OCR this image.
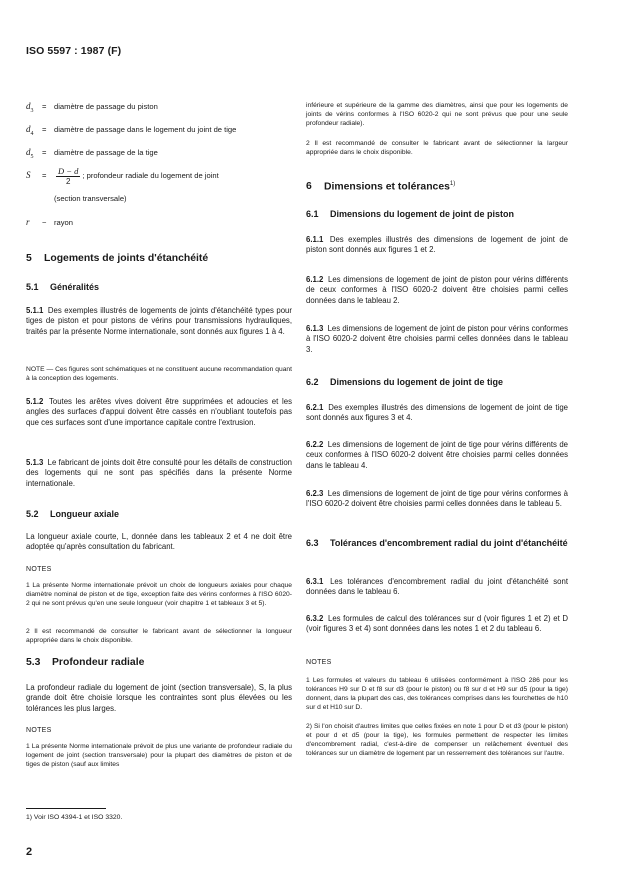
ISO 5597 : 1987 (F)
$d_3$ = diamètre de passage du piston
$d_4$ = diamètre de passage dans le logement du joint de tige
$d_5$ = diamètre de passage de la tige
$S = \frac{D - d}{2}$ ; profondeur radiale du logement de joint
(section transversale)
r − rayon
5 Logements de joints d'étanchéité
5.1 Généralités
5.1.1 Des exemples illustrés de logements de joints d'étanchéité types pour tiges de piston et pour pistons de vérins pour transmissions hydrauliques, traités par la présente Norme internationale, sont donnés aux figures 1 à 4.
NOTE — Ces figures sont schématiques et ne constituent aucune recommandation quant à la conception des logements.
5.1.2 Toutes les arêtes vives doivent être supprimées et adoucies et les angles des surfaces d'appui doivent être cassés en n'oubliant toutefois pas que ces surfaces sont d'une importance capitale contre l'extrusion.
5.1.3 Le fabricant de joints doit être consulté pour les détails de construction des logements qui ne sont pas spécifiés dans la présente Norme internationale.
5.2 Longueur axiale
La longueur axiale courte, L, donnée dans les tableaux 2 et 4 ne doit être adoptée qu'après consultation du fabricant.
NOTES
1 La présente Norme internationale prévoit un choix de longueurs axiales pour chaque diamètre nominal de piston et de tige, exception faite des vérins conformes à l'ISO 6020-2 qui ne sont prévus qu'en une seule longueur (voir chapitre 1 et tableaux 3 et 5).
2 Il est recommandé de consulter le fabricant avant de sélectionner la longueur appropriée dans le choix disponible.
5.3 Profondeur radiale
La profondeur radiale du logement de joint (section transversale), S, la plus grande doit être choisie lorsque les contraintes sont plus élevées ou les tolérances les plus larges.
NOTES
1 La présente Norme internationale prévoit de plus une variante de profondeur radiale du logement de joint (section transversale) pour la plupart des diamètres de piston et de tiges de piston (sauf aux limites
inférieure et supérieure de la gamme des diamètres, ainsi que pour les logements de joints de vérins conformes à l'ISO 6020-2 qui ne sont prévus que pour une seule profondeur radiale).
2 Il est recommandé de consulter le fabricant avant de sélectionner la largeur appropriée dans le choix disponible.
6 Dimensions et tolérances$^{1)}$
6.1 Dimensions du logement de joint de piston
6.1.1 Des exemples illustrés des dimensions de logement de joint de piston sont donnés aux figures 1 et 2.
6.1.2 Les dimensions de logement de joint de piston pour vérins différents de ceux conformes à l'ISO 6020-2 doivent être choisies parmi celles données dans le tableau 2.
6.1.3 Les dimensions de logement de joint de piston pour vérins conformes à l'ISO 6020-2 doivent être choisies parmi celles données dans le tableau 3.
6.2 Dimensions du logement de joint de tige
6.2.1 Des exemples illustrés des dimensions de logement de joint de tige sont donnés aux figures 3 et 4.
6.2.2 Les dimensions de logement de joint de tige pour vérins différents de ceux conformes à l'ISO 6020-2 doivent être choisies parmi celles données dans le tableau 4.
6.2.3 Les dimensions de logement de joint de tige pour vérins conformes à l'ISO 6020-2 doivent être choisies parmi celles données dans le tableau 5.
6.3 Tolérances d'encombrement radial du joint d'étanchéité
6.3.1 Les tolérances d'encombrement radial du joint d'étanchéité sont données dans le tableau 6.
6.3.2 Les formules de calcul des tolérances sur d (voir figures 1 et 2) et D (voir figures 3 et 4) sont données dans les notes 1 et 2 du tableau 6.
NOTES
1 Les formules et valeurs du tableau 6 utilisées conformément à l'ISO 286 pour les tolérances H9 sur D et f8 sur d3 (pour le piston) ou f8 sur d et H9 sur d5 (pour la tige) donnent, dans la plupart des cas, des tolérances comprises dans les fourchettes de h10 sur d et H10 sur D.
2) Si l'on choisit d'autres limites que celles fixées en note 1 pour D et d3 (pour le piston) et pour d et d5 (pour la tige), les formules permettent de respecter les limites d'encombrement radial, c'est-à-dire de compenser un relâchement éventuel des tolérances sur un diamètre de logement par un resserrement des tolérances sur l'autre.
1) Voir ISO 4394-1 et ISO 3320.
2
